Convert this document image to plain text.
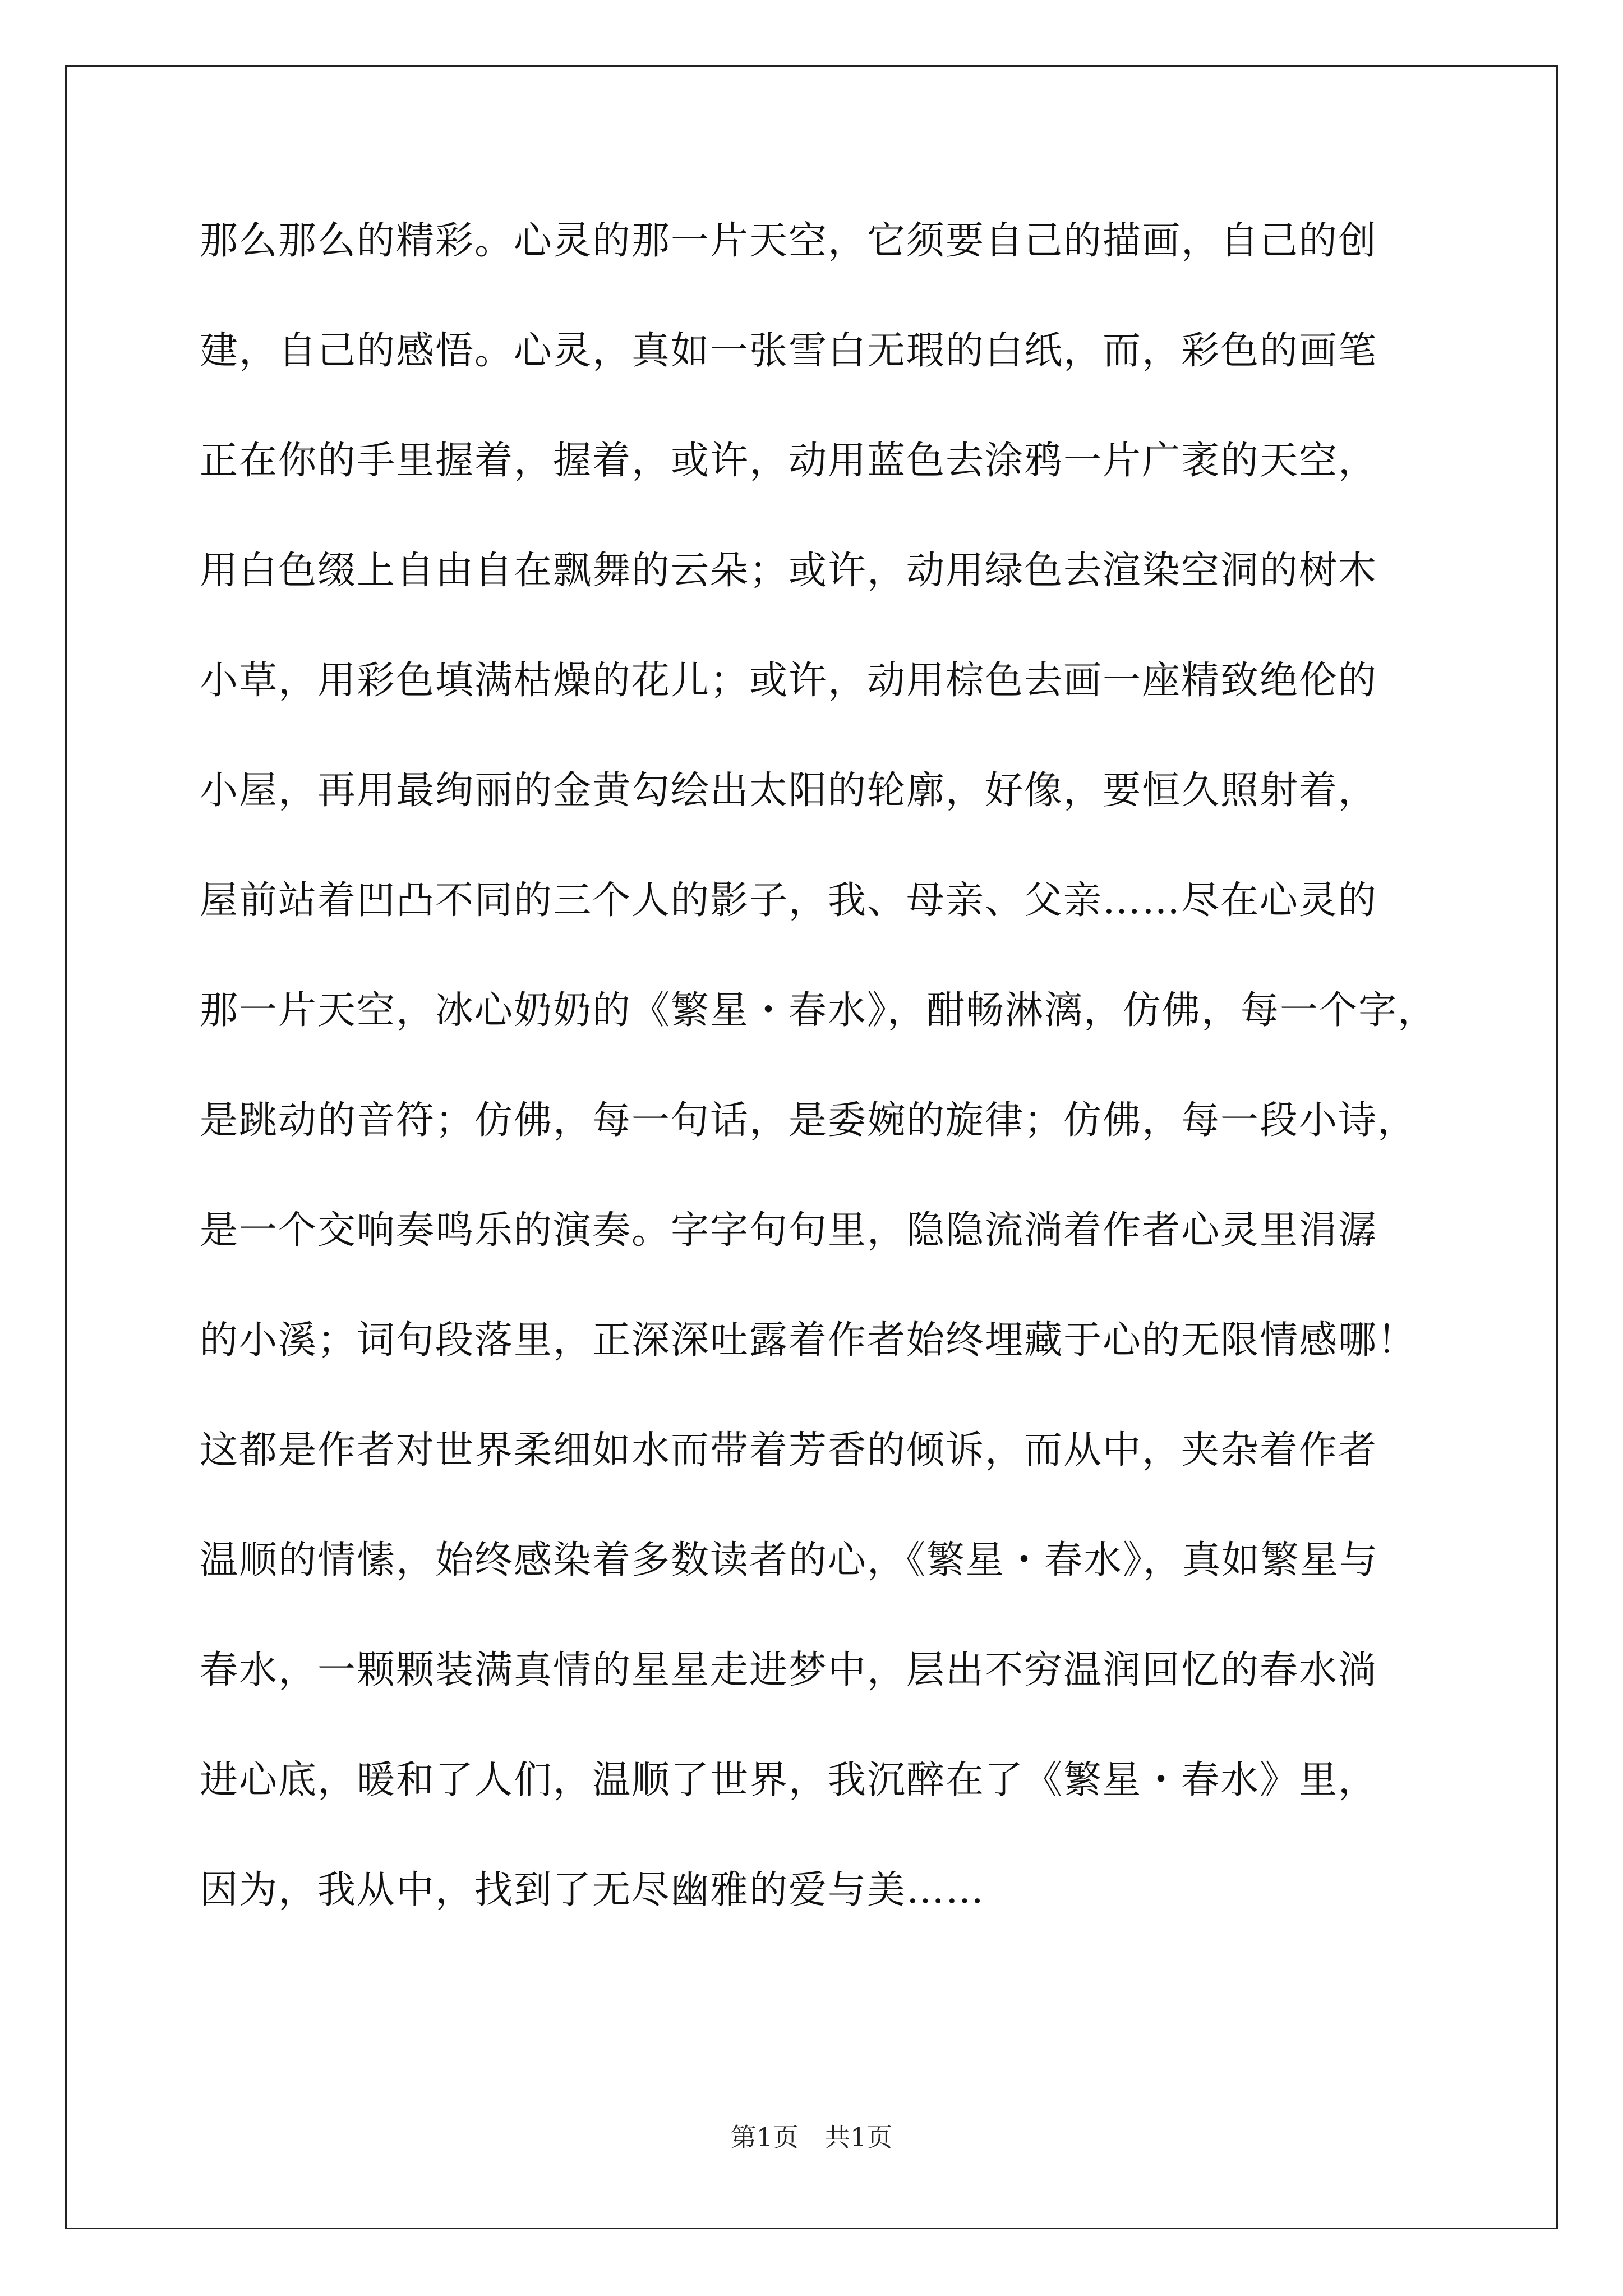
那么那么的精彩。心灵的那一片天空，它须要自己的描画，自己的创
建，自己的感悟。心灵，真如一张雪白无瑕的白纸，而，彩色的画笔
正在你的手里握着，握着，或许，动用蓝色去涂鸦一片广袤的天空，
用白色缀上自由自在飘舞的云朵；或许，动用绿色去渲染空洞的树木
小草，用彩色填满枯燥的花儿；或许，动用棕色去画一座精致绝伦的
小屋，再用最绚丽的金黄勾绘出太阳的轮廓，好像，要恒久照射着，
屋前站着凹凸不同的三个人的影子，我、母亲、父亲……尽在心灵的
那一片天空，冰心奶奶的《繁星・春水》，酣畅淋漓，仿佛，每一个字，
是跳动的音符；仿佛，每一句话，是委婉的旋律；仿佛，每一段小诗，
是一个交响奏鸣乐的演奏。字字句句里，隐隐流淌着作者心灵里涓潺
的小溪；词句段落里，正深深吐露着作者始终埋藏于心的无限情感哪！
这都是作者对世界柔细如水而带着芳香的倾诉，而从中，夹杂着作者
温顺的情愫，始终感染着多数读者的心，《繁星・春水》，真如繁星与
春水，一颗颗装满真情的星星走进梦中，层出不穷温润回忆的春水淌
进心底，暖和了人们，温顺了世界，我沉醉在了《繁星・春水》里，
因为，我从中，找到了无尽幽雅的爱与美……
第1页　共1页
